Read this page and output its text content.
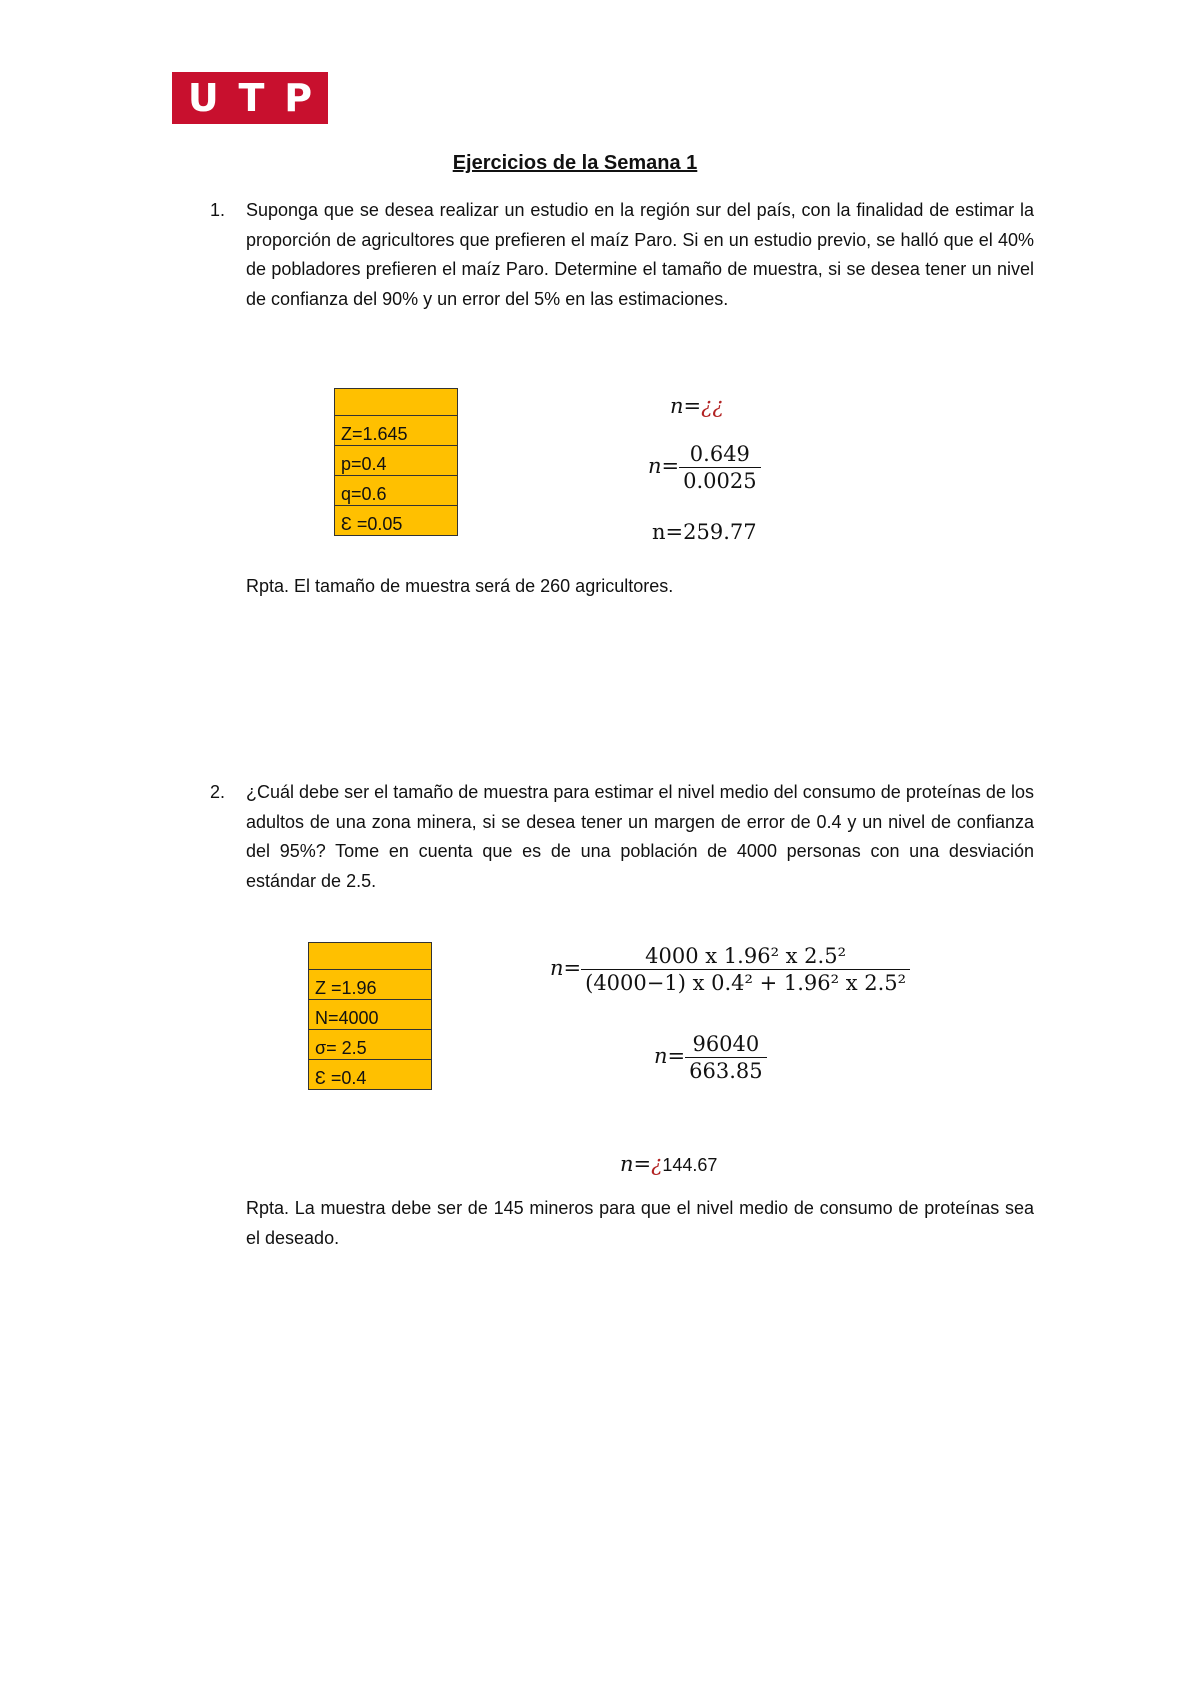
U T P
Ejercicios de la Semana 1
1. Suponga que se desea realizar un estudio en la región sur del país, con la finalidad de estimar la proporción de agricultores que prefieren el maíz Paro. Si en un estudio previo, se halló que el 40% de pobladores prefieren el maíz Paro. Determine el tamaño de muestra, si se desea tener un nivel de confianza del 90% y un error del 5% en las estimaciones.

Z=1.645
p=0.4
q=0.6
Ɛ =0.05
n=¿¿
$n= \frac{0.649}{0.0025}$
n=259.77
Rpta. El tamaño de muestra será de 260 agricultores.
2. ¿Cuál debe ser el tamaño de muestra para estimar el nivel medio del consumo de proteínas de los adultos de una zona minera, si se desea tener un margen de error de 0.4 y un nivel de confianza del 95%? Tome en cuenta que es de una población de 4000 personas con una desviación estándar de 2.5.

Z =1.96
N=4000
σ= 2.5
Ɛ =0.4
$n= \frac{\text{4000 x 1.96² x 2.5²}}{\text{(4000−1) x 0.4² + 1.96² x 2.5²}}$
$n= \frac{96040}{663.85}$
n=¿144.67
Rpta. La muestra debe ser de 145 mineros para que el nivel medio de consumo de proteínas sea el deseado.
